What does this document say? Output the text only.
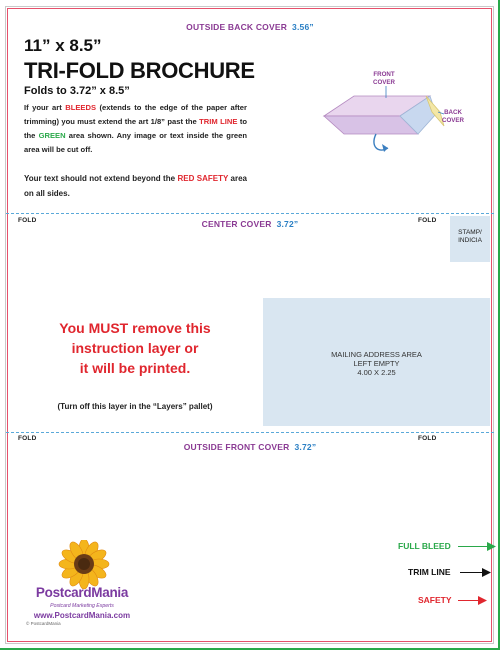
FOLD	FOLD
FOLD	FOLD
OUTSIDE BACK COVER 3.56”
CENTER COVER 3.72”
OUTSIDE FRONT COVER 3.72”
11” x 8.5”
TRI-FOLD BROCHURE
Folds to 3.72” x 8.5”
If your art BLEEDS (extends to the edge of the paper after trimming) you must extend the art 1/8” past the TRIM LINE to the GREEN area shown. Any image or text inside the green area will be cut off.
Your text should not extend beyond the RED SAFETY area on all sides.
FRONT
COVER
BACK
COVER
STAMP/
INDICIA
MAILING ADDRESS AREA
LEFT EMPTY
4.00 X 2.25
You MUST remove this
instruction layer or
it will be printed.
(Turn off this layer in the “Layers” pallet)
FULL BLEED
TRIM LINE
SAFETY
PostcardMania
Postcard Marketing Experts
www.PostcardMania.com
© PostcardMania
